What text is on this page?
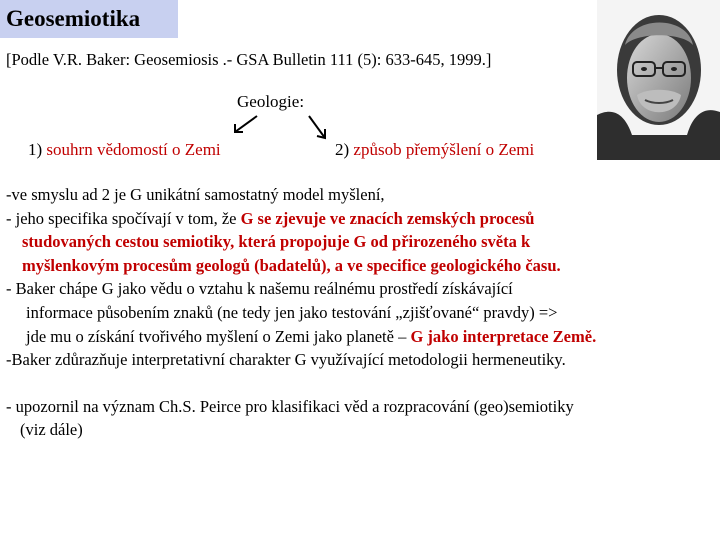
Geosemiotika
[Podle V.R. Baker: Geosemiosis .- GSA Bulletin 111 (5): 633-645, 1999.]
Geologie:
1) souhrn vědomostí o Zemi	2) způsob přemýšlení o Zemi
-ve smyslu ad 2 je G unikátní samostatný model myšlení,
- jeho specifika spočívají v tom, že G se zjevuje ve znacích zemských procesů
studovaných cestou semiotiky, která propojuje G od přirozeného světa k
myšlenkovým procesům geologů (badatelů), a ve specifice geologického času.
- Baker chápe G jako vědu o vztahu k našemu reálnému prostředí získávající
informace působením znaků (ne tedy jen jako testování „zjišťované“ pravdy) =>
jde mu o získání tvořivého myšlení o Zemi jako planetě – G jako interpretace Země.
-Baker zdůrazňuje interpretativní charakter G využívající metodologii hermeneutiky.
- upozornil na význam Ch.S. Peirce pro klasifikaci věd a rozpracování (geo)semiotiky
(viz dále)
